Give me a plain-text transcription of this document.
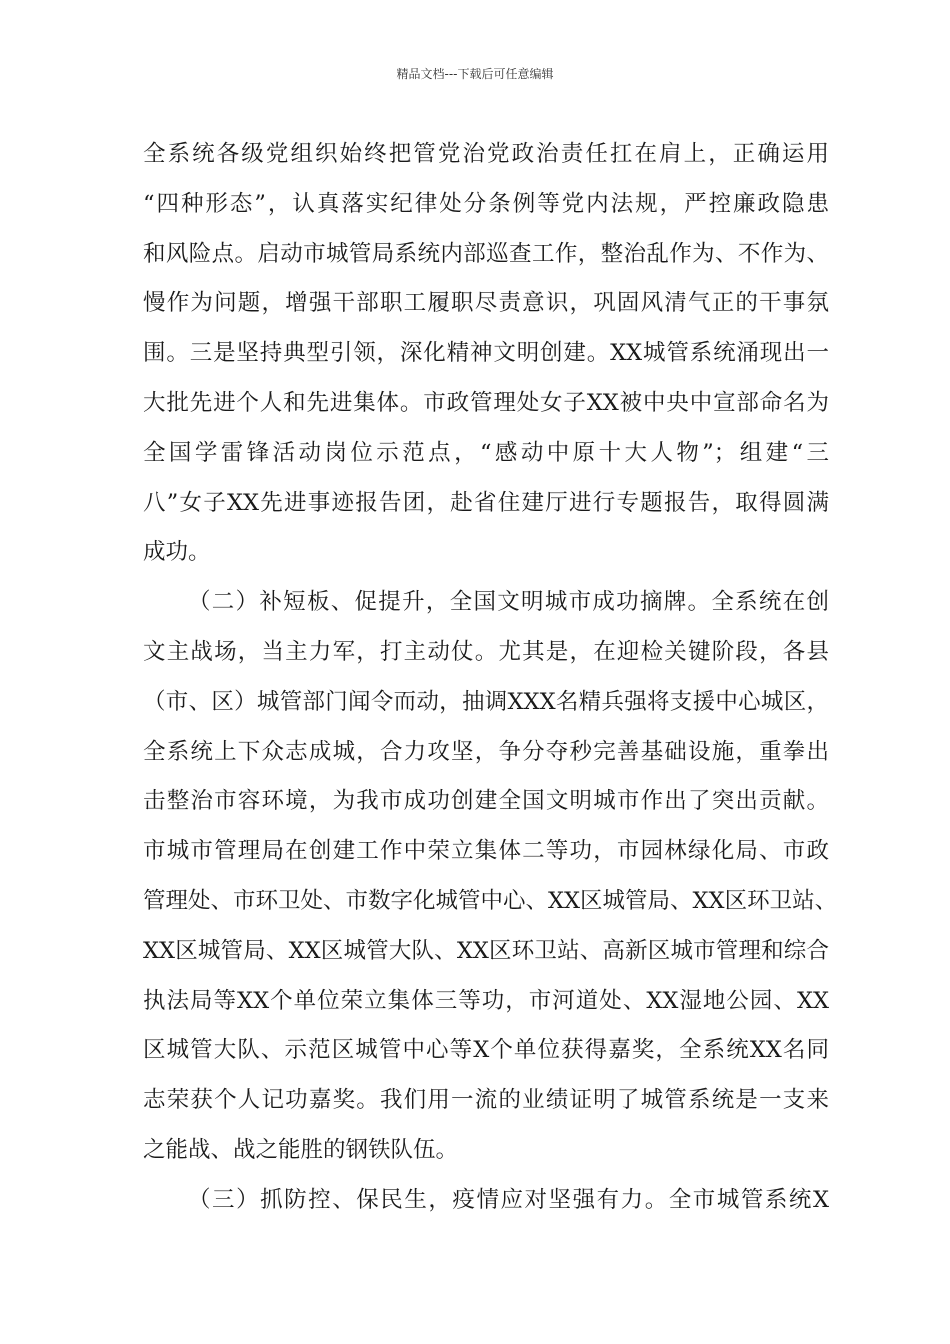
精品文档---下载后可任意编辑
全系统各级党组织始终把管党治党政治责任扛在肩上，正确运用
“四种形态”，认真落实纪律处分条例等党内法规，严控廉政隐患
和风险点。启动市城管局系统内部巡查工作，整治乱作为、不作为、
慢作为问题，增强干部职工履职尽责意识，巩固风清气正的干事氛
围。三是坚持典型引领，深化精神文明创建。XX城管系统涌现出一
大批先进个人和先进集体。市政管理处女子XX被中央中宣部命名为
全国学雷锋活动岗位示范点，“感动中原十大人物”；组建“三
八”女子XX先进事迹报告团，赴省住建厅进行专题报告，取得圆满
成功。
（二）补短板、促提升，全国文明城市成功摘牌。全系统在创
文主战场，当主力军，打主动仗。尤其是，在迎检关键阶段，各县
（市、区）城管部门闻令而动，抽调XXX名精兵强将支援中心城区，
全系统上下众志成城，合力攻坚，争分夺秒完善基础设施，重拳出
击整治市容环境，为我市成功创建全国文明城市作出了突出贡献。
市城市管理局在创建工作中荣立集体二等功，市园林绿化局、市政
管理处、市环卫处、市数字化城管中心、XX区城管局、XX区环卫站、
XX区城管局、XX区城管大队、XX区环卫站、高新区城市管理和综合
执法局等XX个单位荣立集体三等功，市河道处、XX湿地公园、XX
区城管大队、示范区城管中心等X个单位获得嘉奖，全系统XX名同
志荣获个人记功嘉奖。我们用一流的业绩证明了城管系统是一支来
之能战、战之能胜的钢铁队伍。
（三）抓防控、保民生，疫情应对坚强有力。全市城管系统X
